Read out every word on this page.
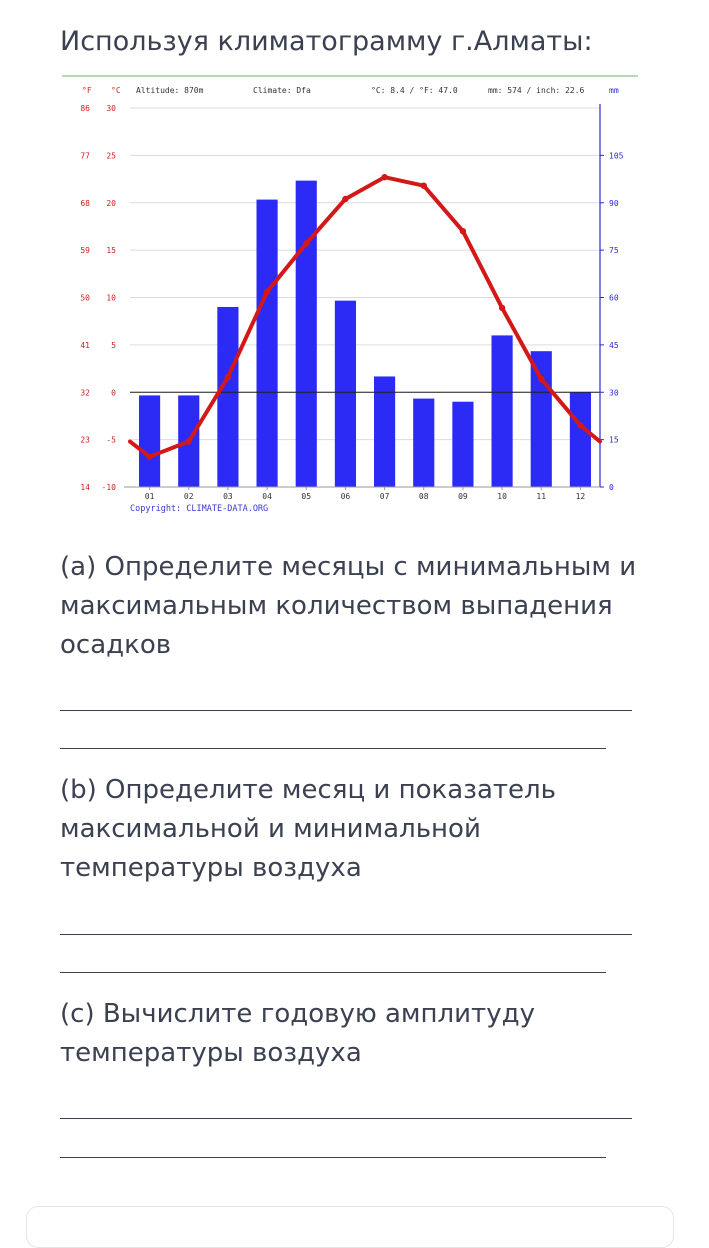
Используя климатограмму г.Алматы:
°F °C Altitude: 870m	Climate: Dfa	°C: 8.4 / °F: 47.0	mm: 574 / inch: 22.6	mm
30
86
25
77
20
68
15
59
10
50
5
41
0
32
-5
23
-10
14
105
90
75
60
45
30
15
0
01	02	03	04	05	06	07	08	09	10	11	12
Copyright: CLIMATE-DATA.ORG
(a) Определите месяцы с минимальным и максимальным количеством выпадения осадков
(b) Определите месяц и показатель максимальной и минимальной температуры воздуха
(c) Вычислите годовую амплитуду температуры воздуха
